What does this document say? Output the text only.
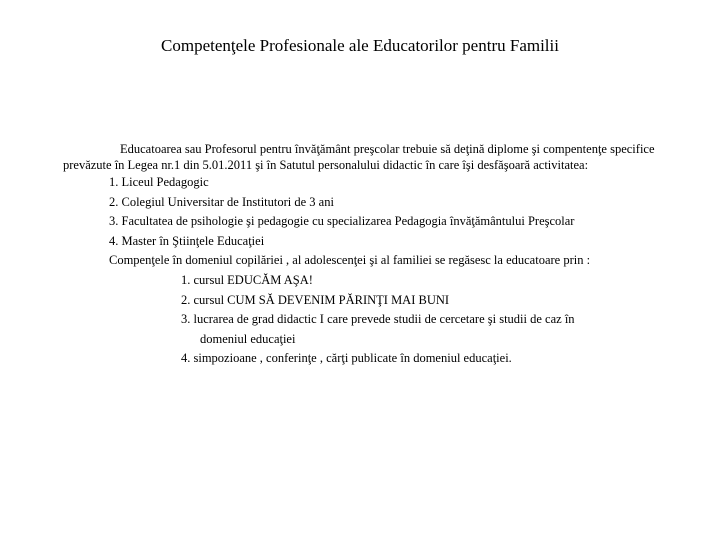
Competenţele Profesionale ale Educatorilor pentru Familii

Educatoarea sau Profesorul pentru învăţământ preşcolar trebuie să deţină diplome şi compentenţe specifice prevăzute în Legea nr.1 din 5.01.2011 şi în Satutul personalului didactic în care îşi desfăşoară activitatea:

1. Liceul Pedagogic
2. Colegiul Universitar de Institutori de 3 ani
3. Facultatea de psihologie şi pedagogie cu specializarea Pedagogia învăţământului Preşcolar
4. Master în Ştiinţele Educaţiei
Compenţele în domeniul copilăriei , al adolescenţei şi al familiei se regăsesc la educatoare prin :
1. cursul EDUCĂM AŞA!
2. cursul CUM SĂ DEVENIM PĂRINŢI MAI BUNI
3. lucrarea de grad didactic I care prevede studii de cercetare şi studii de caz în
domeniul educaţiei
4. simpozioane , conferinţe , cărţi publicate în domeniul educaţiei.
